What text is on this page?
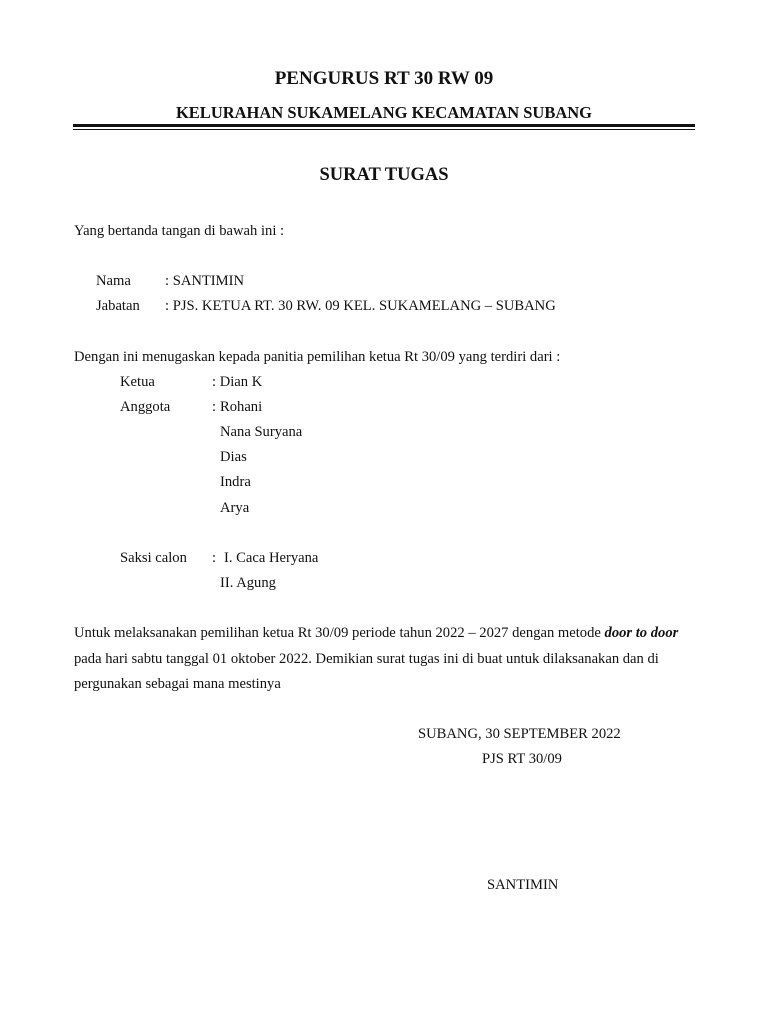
PENGURUS RT 30 RW 09
KELURAHAN SUKAMELANG KECAMATAN SUBANG
SURAT TUGAS
Yang bertanda tangan di bawah ini :
Nama : SANTIMIN
Jabatan : PJS. KETUA RT. 30 RW. 09 KEL. SUKAMELANG – SUBANG
Dengan ini menugaskan kepada panitia pemilihan ketua Rt 30/09 yang terdiri dari :
Ketua	: Dian K
Anggota	: Rohani
Nana Suryana
Dias
Indra
Arya
Saksi calon : I. Caca Heryana
II. Agung
Untuk melaksanakan pemilihan ketua Rt 30/09 periode tahun 2022 – 2027 dengan metode door to door pada hari sabtu tanggal 01 oktober 2022. Demikian surat tugas ini di buat untuk dilaksanakan dan di pergunakan sebagai mana mestinya
SUBANG, 30 SEPTEMBER 2022
PJS RT 30/09
SANTIMIN
